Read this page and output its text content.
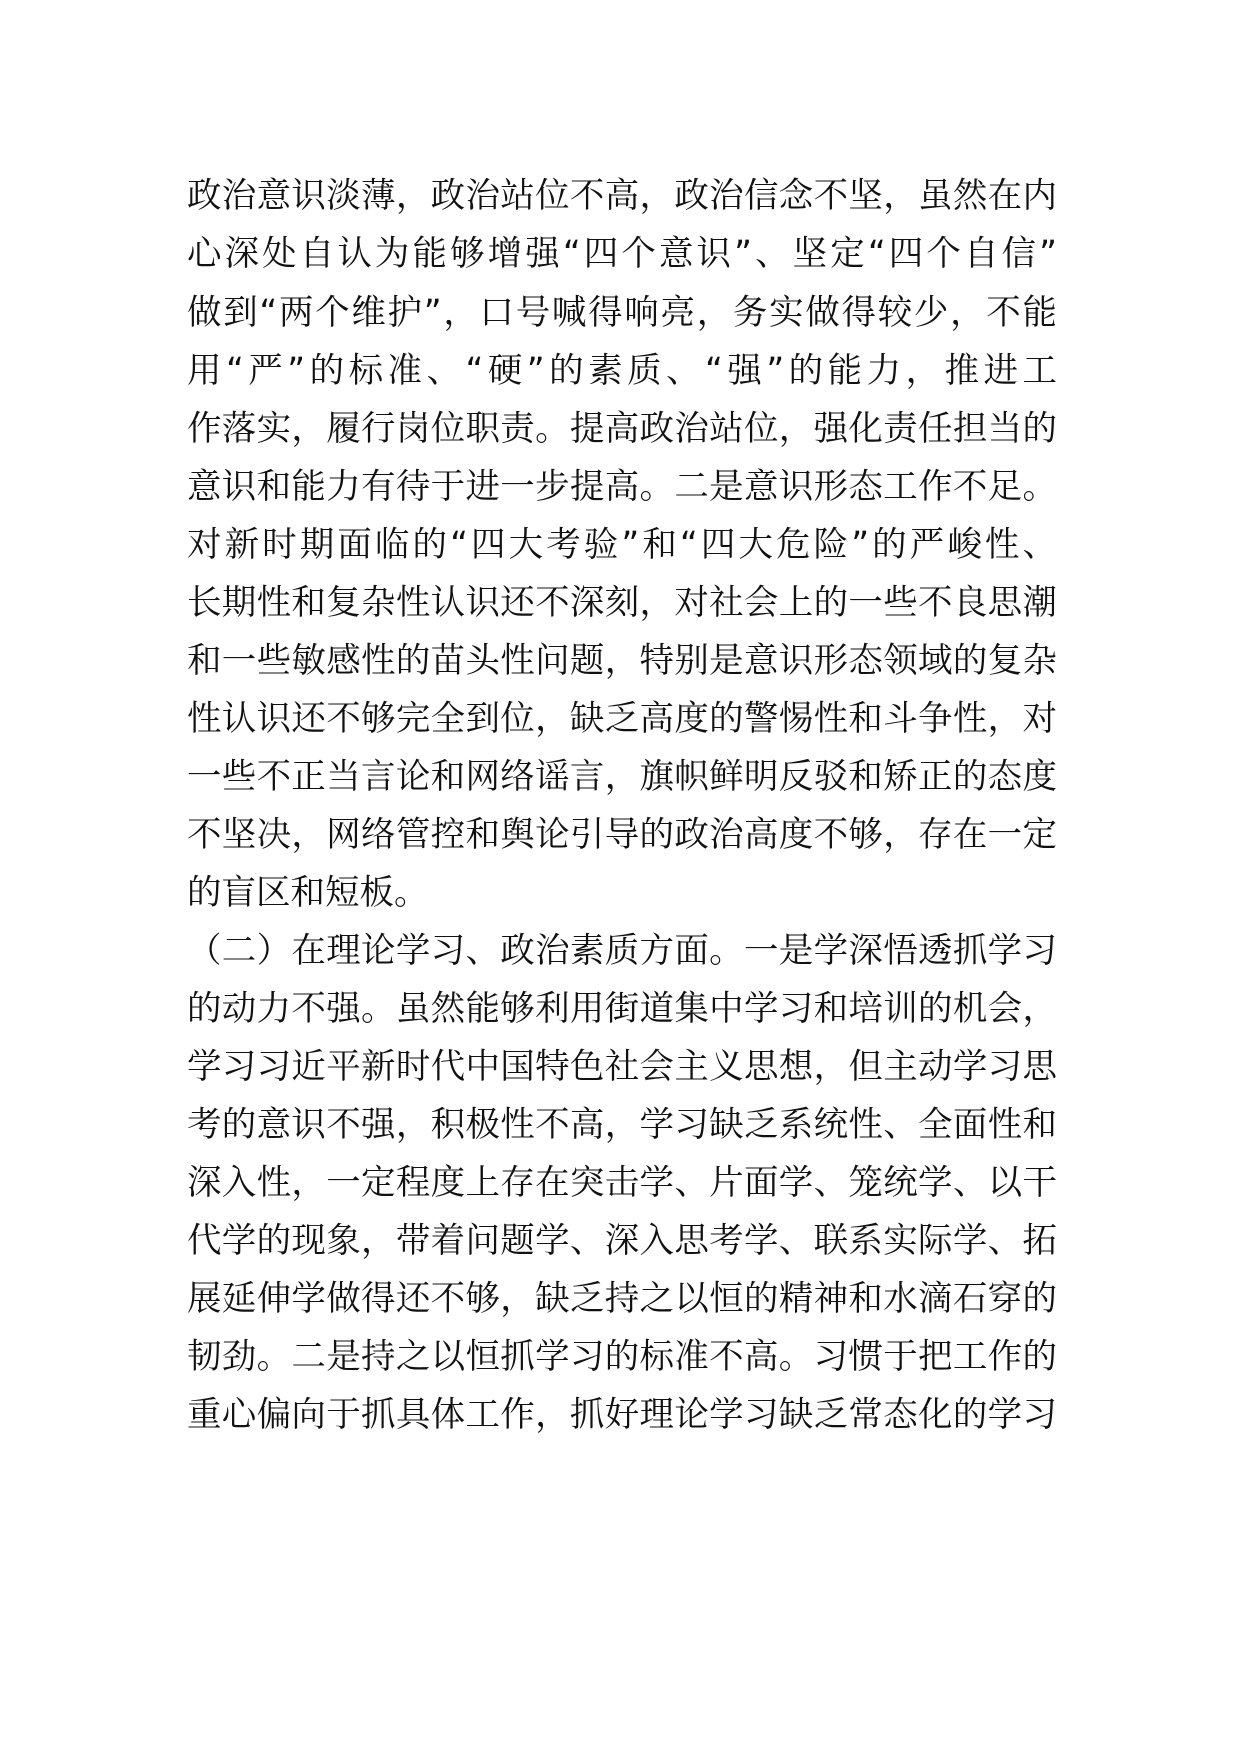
政治意识淡薄，政治站位不高，政治信念不坚，虽然在内
心深处自认为能够增强“四个意识”、坚定“四个自信”
做到“两个维护”，口号喊得响亮，务实做得较少，不能
用“严”的标准、“硬”的素质、“强”的能力，推进工
作落实，履行岗位职责。提高政治站位，强化责任担当的
意识和能力有待于进一步提高。二是意识形态工作不足。
对新时期面临的“四大考验”和“四大危险”的严峻性、
长期性和复杂性认识还不深刻，对社会上的一些不良思潮
和一些敏感性的苗头性问题，特别是意识形态领域的复杂
性认识还不够完全到位，缺乏高度的警惕性和斗争性，对
一些不正当言论和网络谣言，旗帜鲜明反驳和矫正的态度
不坚决，网络管控和舆论引导的政治高度不够，存在一定
的盲区和短板。
（二）在理论学习、政治素质方面。一是学深悟透抓学习
的动力不强。虽然能够利用街道集中学习和培训的机会，
学习习近平新时代中国特色社会主义思想，但主动学习思
考的意识不强，积极性不高，学习缺乏系统性、全面性和
深入性，一定程度上存在突击学、片面学、笼统学、以干
代学的现象，带着问题学、深入思考学、联系实际学、拓
展延伸学做得还不够，缺乏持之以恒的精神和水滴石穿的
韧劲。二是持之以恒抓学习的标准不高。习惯于把工作的
重心偏向于抓具体工作，抓好理论学习缺乏常态化的学习
